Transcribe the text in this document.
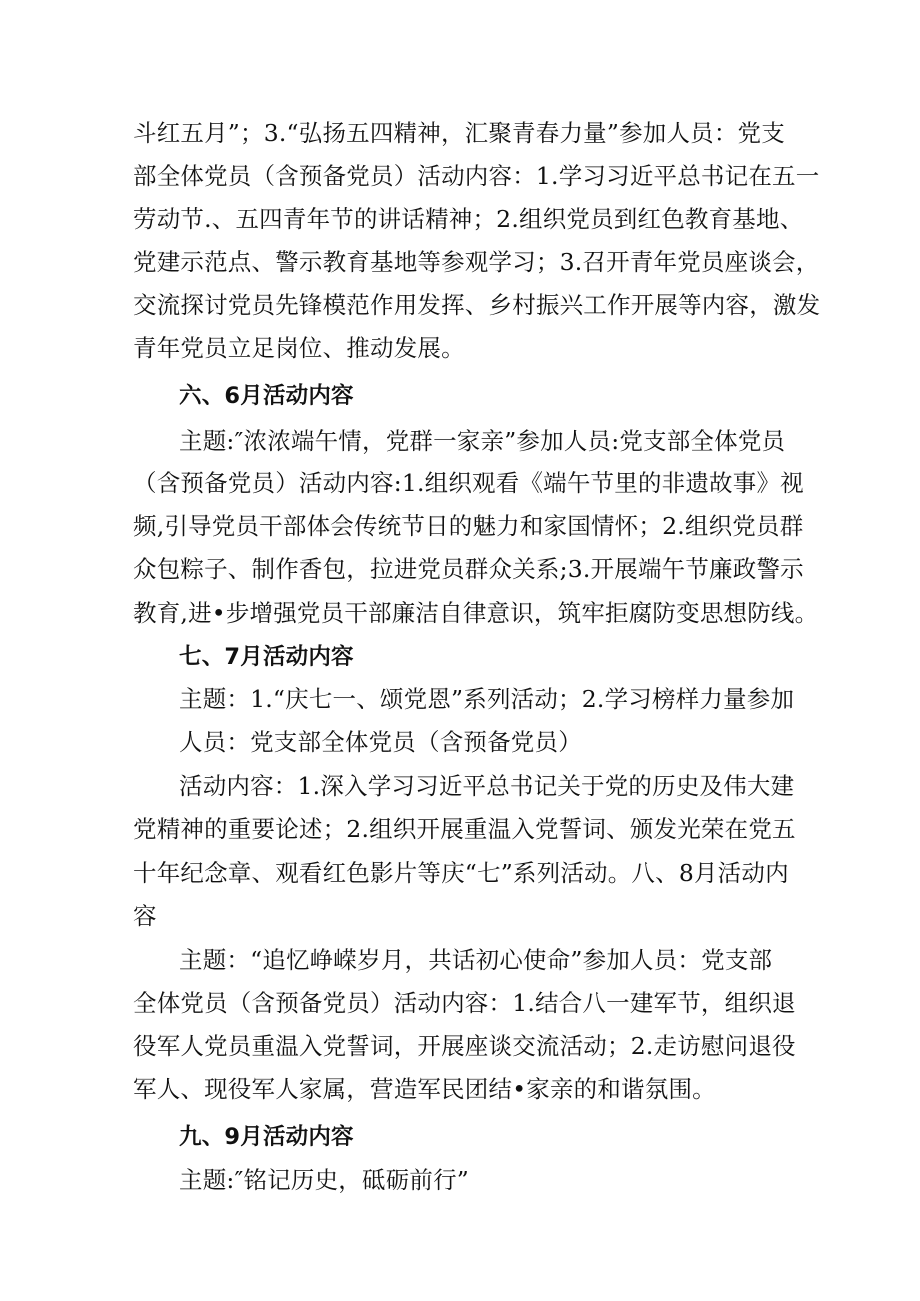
斗红五月”；3.“弘扬五四精神，汇聚青春力量”参加人员：党支
部全体党员（含预备党员）活动内容：1.学习习近平总书记在五一
劳动节.、五四青年节的讲话精神；2.组织党员到红色教育基地、
党建示范点、警示教育基地等参观学习；3.召开青年党员座谈会，
交流探讨党员先锋模范作用发挥、乡村振兴工作开展等内容，激发
青年党员立足岗位、推动发展。
六、6月活动内容
主题:″浓浓端午情，党群一家亲”参加人员:党支部全体党员
（含预备党员）活动内容:1.组织观看《端午节里的非遗故事》视
频,引导党员干部体会传统节日的魅力和家国情怀；2.组织党员群
众包粽子、制作香包，拉进党员群众关系;3.开展端午节廉政警示
教育,进•步增强党员干部廉洁自律意识，筑牢拒腐防变思想防线。
七、7月活动内容
主题：1.“庆七一、颂党恩”系列活动；2.学习榜样力量参加
人员：党支部全体党员（含预备党员）
活动内容：1.深入学习习近平总书记关于党的历史及伟大建
党精神的重要论述；2.组织开展重温入党誓词、颁发光荣在党五
十年纪念章、观看红色影片等庆“七”系列活动。八、8月活动内
容
主题：“追忆峥嵘岁月，共话初心使命”参加人员：党支部
全体党员（含预备党员）活动内容：1.结合八一建军节，组织退
役军人党员重温入党誓词，开展座谈交流活动；2.走访慰问退役
军人、现役军人家属，营造军民团结•家亲的和谐氛围。
九、9月活动内容
主题:″铭记历史，砥砺前行”
